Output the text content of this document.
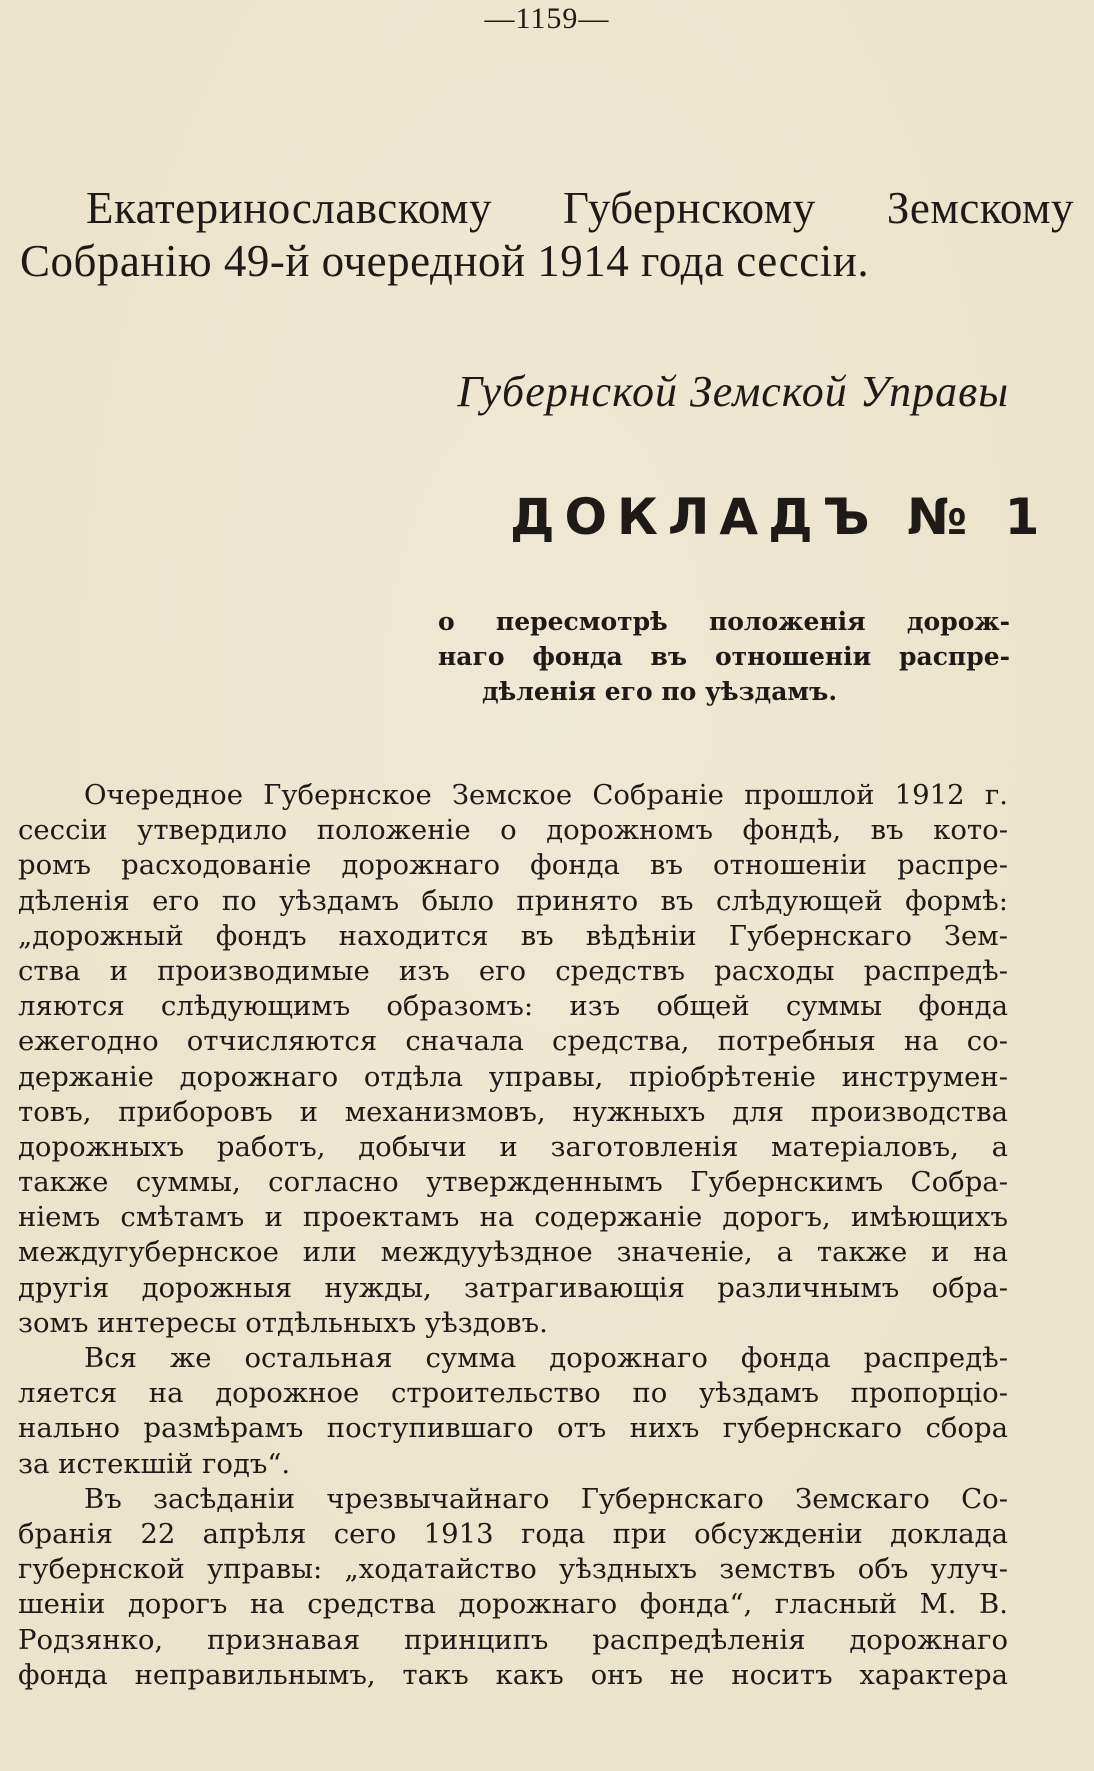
—1159—
Екатеринославскому Губернскому Земскому
Собранію 49-й очередной 1914 года сессіи.
Губернской Земской Управы
ДОКЛАДЪ № 1
о пересмотрѣ положенія дорож-
наго фонда въ отношеніи распре-
дѣленія его по уѣздамъ.
Очередное Губернское Земское Собраніе прошлой 1912 г.
сессіи утвердило положеніе о дорожномъ фондѣ, въ кото-
ромъ расходованіе дорожнаго фонда въ отношеніи распре-
дѣленія его по уѣздамъ было принято въ слѣдующей формѣ:
„дорожный фондъ находится въ вѣдѣніи Губернскаго Зем-
ства и производимые изъ его средствъ расходы распредѣ-
ляются слѣдующимъ образомъ: изъ общей суммы фонда
ежегодно отчисляются сначала средства, потребныя на со-
держаніе дорожнаго отдѣла управы, пріобрѣтеніе инструмен-
товъ, приборовъ и механизмовъ, нужныхъ для производства
дорожныхъ работъ, добычи и заготовленія матеріаловъ, а
также суммы, согласно утвержденнымъ Губернскимъ Собра-
ніемъ смѣтамъ и проектамъ на содержаніе дорогъ, имѣющихъ
междугубернское или междууѣздное значеніе, а также и на
другія дорожныя нужды, затрагивающія различнымъ обра-
зомъ интересы отдѣльныхъ уѣздовъ.
Вся же остальная сумма дорожнаго фонда распредѣ-
ляется на дорожное строительство по уѣздамъ пропорціо-
нально размѣрамъ поступившаго отъ нихъ губернскаго сбора
за истекшій годъ“.
Въ засѣданіи чрезвычайнаго Губернскаго Земскаго Со-
бранія 22 апрѣля сего 1913 года при обсужденіи доклада
губернской управы: „ходатайство уѣздныхъ земствъ объ улуч-
шеніи дорогъ на средства дорожнаго фонда“, гласный М. В.
Родзянко, признавая принципъ распредѣленія дорожнаго
фонда неправильнымъ, такъ какъ онъ не носитъ характера
